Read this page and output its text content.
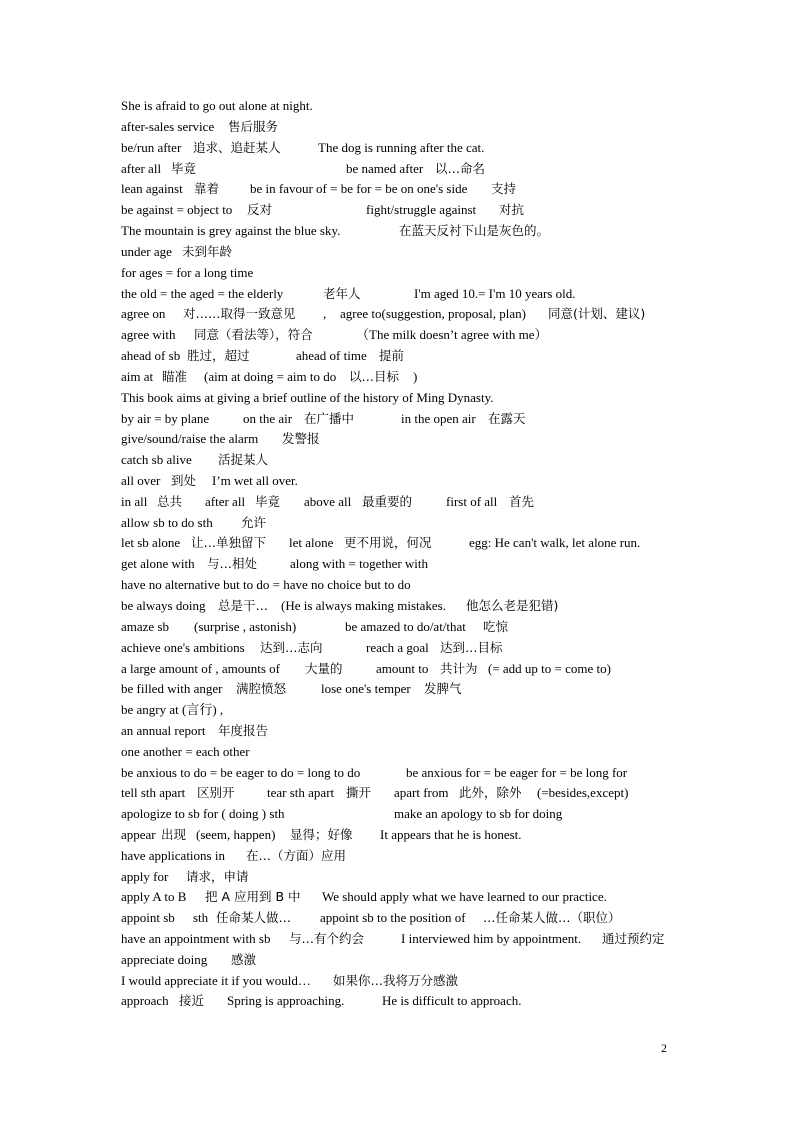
She is afraid to go out alone at night.
after-sales service 售后服务
be/run after 追求、追赶某人	The dog is running after the cat.
after all 毕竟	be named after 以…命名
lean against 靠着 be in favour of = be for = be on one's side 支持
be against = object to 反对	fight/struggle against 对抗
The mountain is grey against the blue sky.	在蓝天反衬下山是灰色的。
under age 未到年龄
for ages = for a long time
the old = the aged = the elderly	老年人	I'm aged 10.= I'm 10 years old.
agree on 对……取得一致意见 , agree to(suggestion, proposal, plan) 同意(计划、建议)
agree with 同意（看法等），符合	（The milk doesn’t agree with me）
ahead of sb 胜过，超过	ahead of time 提前
aim at 瞄准 (aim at doing = aim to do 以…目标 )
This book aims at giving a brief outline of the history of Ming Dynasty.
by air = by plane	on the air 在广播中	in the open air 在露天
give/sound/raise the alarm 发警报
catch sb alive 活捉某人
all over 到处 I’m wet all over.
in all 总共 after all 毕竟 above all 最重要的	first of all 首先
allow sb to do sth 允许
let sb alone 让…单独留下 let alone 更不用说，何况	egg: He can't walk, let alone run.
get alone with 与…相处	along with = together with
have no alternative but to do = have no choice but to do
be always doing 总是干… (He is always making mistakes. 他怎么老是犯错)
amaze sb (surprise , astonish)	be amazed to do/at/that 吃惊
achieve one's ambitions 达到…志向	reach a goal 达到…目标
a large amount of , amounts of 大量的	amount to 共计为 (= add up to = come to)
be filled with anger 满腔愤怒	lose one's temper 发脾气
be angry at (言行) ,
an annual report 年度报告
one another = each other
be anxious to do = be eager to do = long to do	be anxious for = be eager for = be long for
tell sth apart 区别开 tear sth apart 撕开 apart from 此外，除外 (=besides,except)
apologize to sb for ( doing ) sth	make an apology to sb for doing
appear 出现 (seem, happen) 显得；好像 It appears that he is honest.
have applications in 在…（方面）应用
apply for 请求，申请
apply A to B 把 A 应用到 B 中 We should apply what we have learned to our practice.
appoint sb sth 任命某人做… appoint sb to the position of …任命某人做…（职位）
have an appointment with sb 与…有个约会	I interviewed him by appointment. 通过预约定
appreciate doing 感激
I would appreciate it if you would… 如果你…我将万分感激
approach 接近 Spring is approaching.	He is difficult to approach.
2
